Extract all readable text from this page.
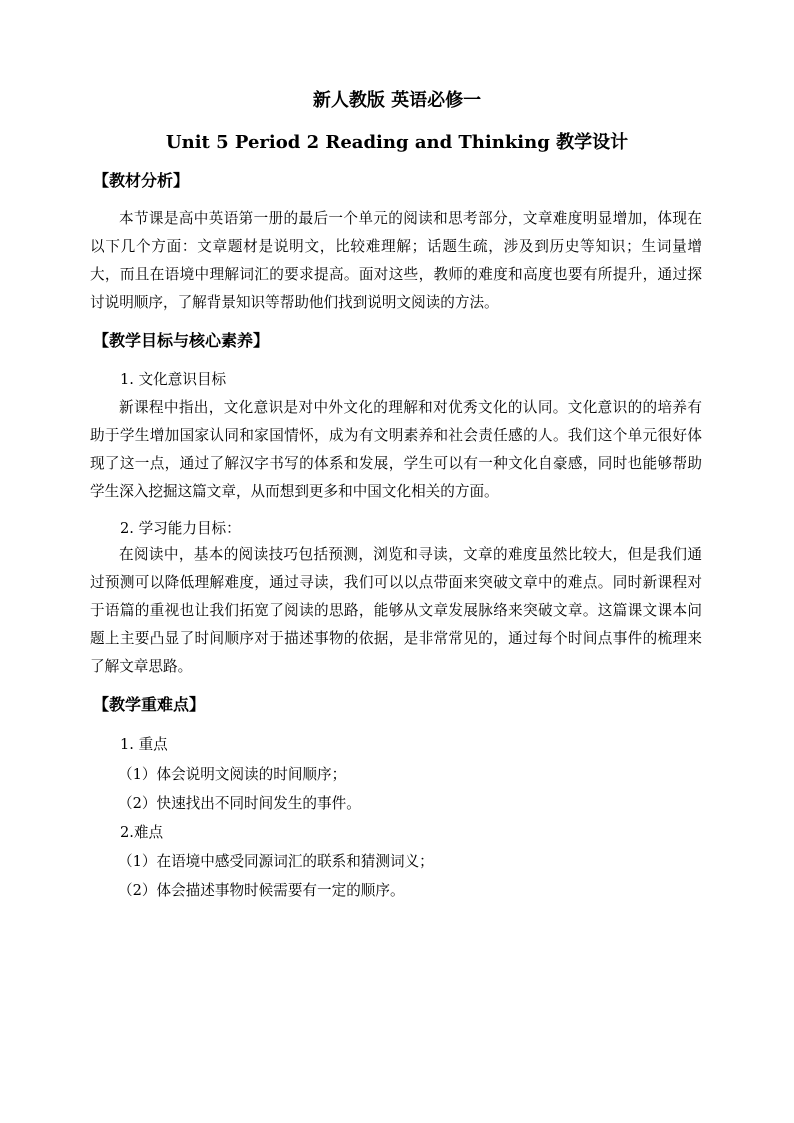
新人教版 英语必修一
Unit 5 Period 2 Reading and Thinking 教学设计
【教材分析】

本节课是高中英语第一册的最后一个单元的阅读和思考部分，文章难度明显增加，体现在以下几个方面：文章题材是说明文，比较难理解；话题生疏，涉及到历史等知识；生词量增大，而且在语境中理解词汇的要求提高。面对这些，教师的难度和高度也要有所提升，通过探讨说明顺序，了解背景知识等帮助他们找到说明文阅读的方法。

【教学目标与核心素养】
1. 文化意识目标

新课程中指出，文化意识是对中外文化的理解和对优秀文化的认同。文化意识的的培养有助于学生增加国家认同和家国情怀，成为有文明素养和社会责任感的人。我们这个单元很好体现了这一点，通过了解汉字书写的体系和发展，学生可以有一种文化自豪感，同时也能够帮助学生深入挖掘这篇文章，从而想到更多和中国文化相关的方面。

2. 学习能力目标：

在阅读中，基本的阅读技巧包括预测，浏览和寻读，文章的难度虽然比较大，但是我们通过预测可以降低理解难度，通过寻读，我们可以以点带面来突破文章中的难点。同时新课程对于语篇的重视也让我们拓宽了阅读的思路，能够从文章发展脉络来突破文章。这篇课文课本问题上主要凸显了时间顺序对于描述事物的依据，是非常常见的，通过每个时间点事件的梳理来了解文章思路。

【教学重难点】
1. 重点
（1）体会说明文阅读的时间顺序；
（2）快速找出不同时间发生的事件。
2.难点
（1）在语境中感受同源词汇的联系和猜测词义；
（2）体会描述事物时候需要有一定的顺序。
